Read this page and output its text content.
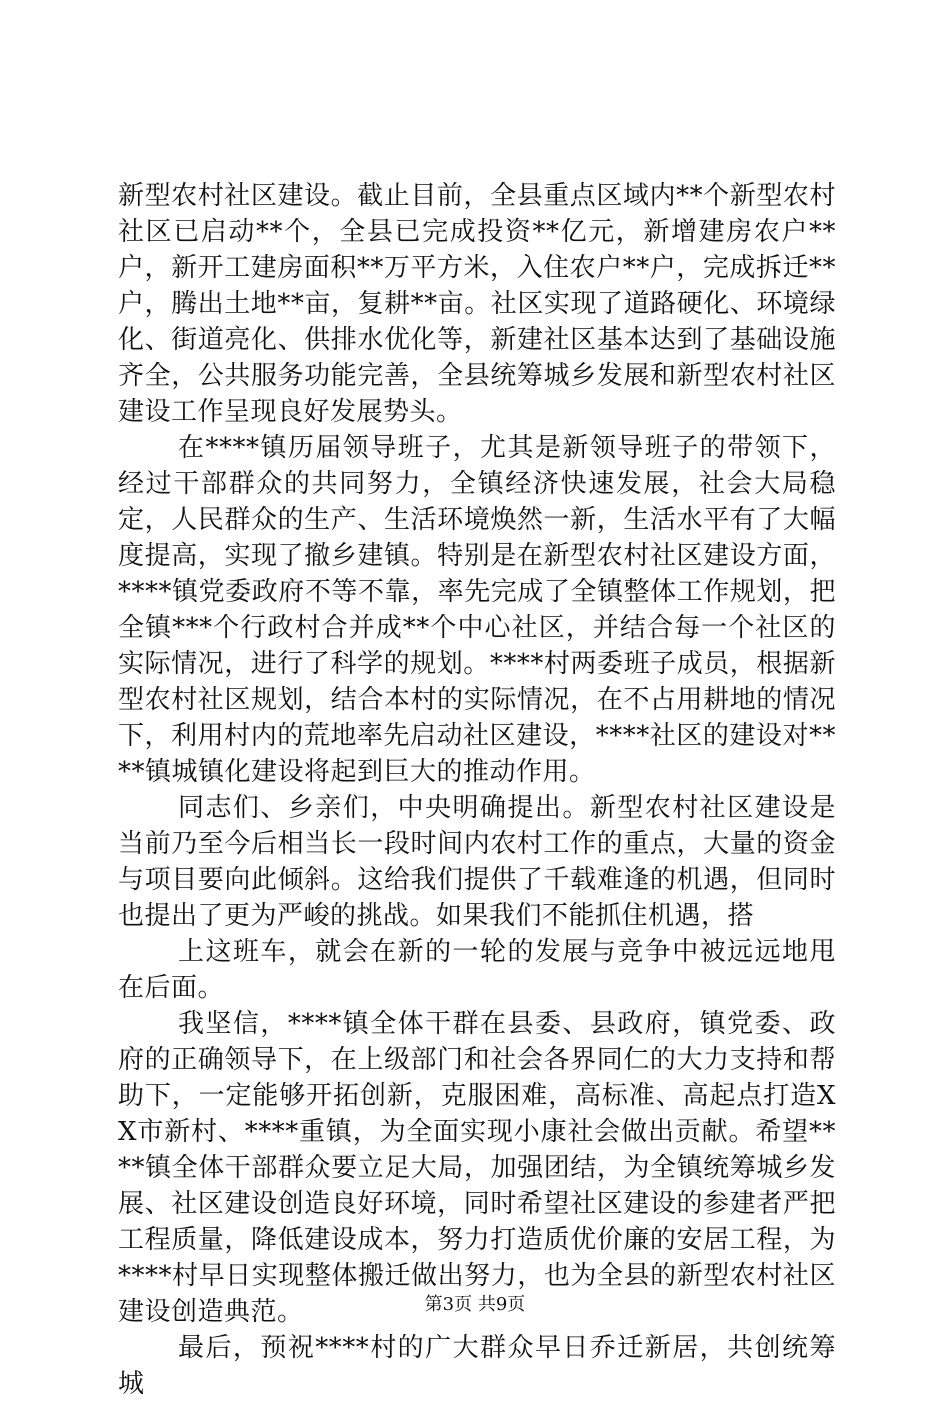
新型农村社区建设。截止目前，全县重点区域内**个新型农村社区已启动**个，全县已完成投资**亿元，新增建房农户**户，新开工建房面积**万平方米，入住农户**户，完成拆迁**户，腾出土地**亩，复耕**亩。社区实现了道路硬化、环境绿化、街道亮化、供排水优化等，新建社区基本达到了基础设施齐全，公共服务功能完善，全县统筹城乡发展和新型农村社区建设工作呈现良好发展势头。

在****镇历届领导班子，尤其是新领导班子的带领下，经过干部群众的共同努力，全镇经济快速发展，社会大局稳定，人民群众的生产、生活环境焕然一新，生活水平有了大幅度提高，实现了撤乡建镇。特别是在新型农村社区建设方面，****镇党委政府不等不靠，率先完成了全镇整体工作规划，把全镇***个行政村合并成**个中心社区，并结合每一个社区的实际情况，进行了科学的规划。****村两委班子成员，根据新型农村社区规划，结合本村的实际情况，在不占用耕地的情况下，利用村内的荒地率先启动社区建设，****社区的建设对****镇城镇化建设将起到巨大的推动作用。

同志们、乡亲们，中央明确提出。新型农村社区建设是当前乃至今后相当长一段时间内农村工作的重点，大量的资金与项目要向此倾斜。这给我们提供了千载难逢的机遇，但同时也提出了更为严峻的挑战。如果我们不能抓住机遇，搭

上这班车，就会在新的一轮的发展与竞争中被远远地甩在后面。

我坚信，****镇全体干群在县委、县政府，镇党委、政府的正确领导下，在上级部门和社会各界同仁的大力支持和帮助下，一定能够开拓创新，克服困难，高标准、高起点打造XX市新村、****重镇，为全面实现小康社会做出贡献。希望****镇全体干部群众要立足大局，加强团结，为全镇统筹城乡发展、社区建设创造良好环境，同时希望社区建设的参建者严把工程质量，降低建设成本，努力打造质优价廉的安居工程，为****村早日实现整体搬迁做出努力，也为全县的新型农村社区建设创造典范。

最后，预祝****村的广大群众早日乔迁新居，共创统筹城

第3页 共9页
